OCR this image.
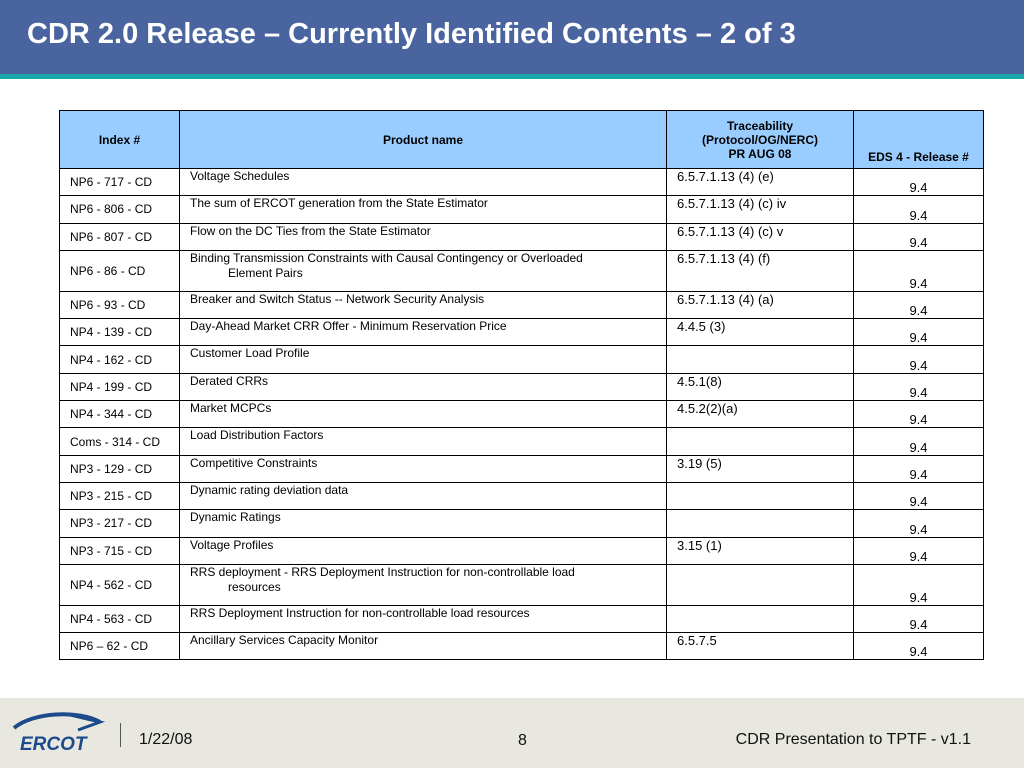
CDR 2.0 Release – Currently Identified Contents – 2 of 3
Index #	Product name	Traceability
(Protocol/OG/NERC)
PR AUG 08	EDS 4 - Release #
NP6 - 717 - CD	Voltage Schedules	6.5.7.1.13 (4) (e)	9.4
NP6 - 806 - CD	The sum of ERCOT generation from the State Estimator	6.5.7.1.13 (4) (c) iv	9.4
NP6 - 807 - CD	Flow on the DC Ties from the State Estimator	6.5.7.1.13 (4) (c) v	9.4
NP6 - 86 - CD	Binding Transmission Constraints with Causal Contingency or Overloaded
Element Pairs	6.5.7.1.13 (4) (f)	9.4
NP6 - 93 - CD	Breaker and Switch Status -- Network Security Analysis	6.5.7.1.13 (4) (a)	9.4
NP4 - 139 - CD	Day-Ahead Market CRR Offer - Minimum Reservation Price	4.4.5 (3)	9.4
NP4 - 162 - CD	Customer Load Profile		9.4
NP4 - 199 - CD	Derated CRRs	4.5.1(8)	9.4
NP4 - 344 - CD	Market MCPCs	4.5.2(2)(a)	9.4
Coms - 314 - CD	Load Distribution Factors		9.4
NP3 - 129 - CD	Competitive Constraints	3.19 (5)	9.4
NP3 - 215 - CD	Dynamic rating deviation data		9.4
NP3 - 217 - CD	Dynamic Ratings		9.4
NP3 - 715 - CD	Voltage Profiles	3.15 (1)	9.4
NP4 - 562 - CD	RRS deployment - RRS Deployment Instruction for non-controllable load
resources		9.4
NP4 - 563 - CD	RRS Deployment Instruction for non-controllable load resources		9.4
NP6 – 62 - CD	Ancillary Services Capacity Monitor	6.5.7.5	9.4
ERCOT	1/22/08	8	CDR Presentation to TPTF - v1.1
